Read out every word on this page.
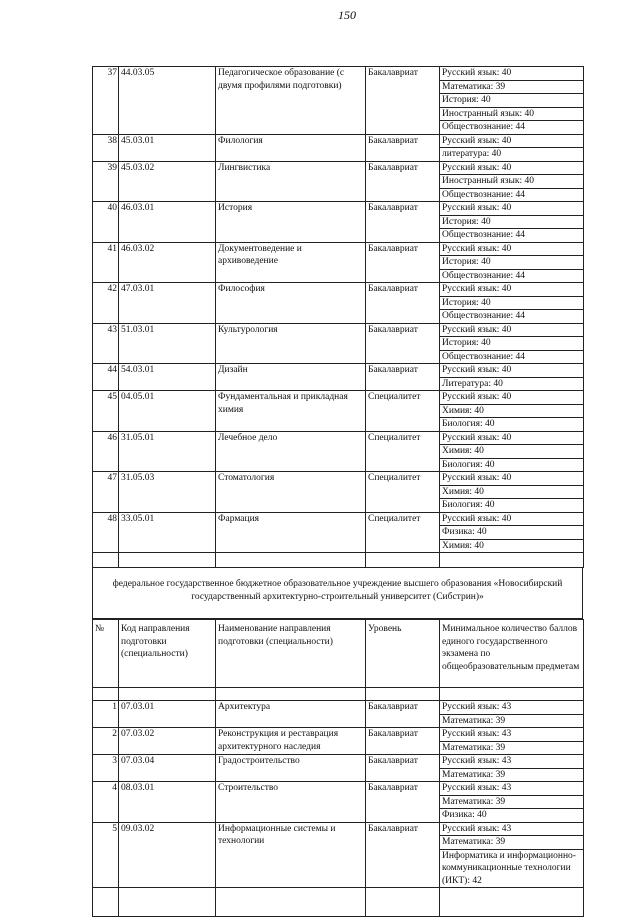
150
37	44.03.05	Педагогическое образование (с двумя профилями подготовки)	Бакалавриат	Русский язык: 40
				Математика: 39
				История: 40
				Иностранный язык: 40
				Обществознание: 44
38	45.03.01	Филология	Бакалавриат	Русский язык: 40
				литература: 40
39	45.03.02	Лингвистика	Бакалавриат	Русский язык: 40
				Иностранный язык: 40
				Обществознание: 44
40	46.03.01	История	Бакалавриат	Русский язык: 40
				История: 40
				Обществознание: 44
41	46.03.02	Документоведение и архивоведение	Бакалавриат	Русский язык: 40
				История: 40
				Обществознание: 44
42	47.03.01	Философия	Бакалавриат	Русский язык: 40
				История: 40
				Обществознание: 44
43	51.03.01	Культурология	Бакалавриат	Русский язык: 40
				История: 40
				Обществознание: 44
44	54.03.01	Дизайн	Бакалавриат	Русский язык: 40
				Литература: 40
45	04.05.01	Фундаментальная и прикладная химия	Специалитет	Русский язык: 40
				Химия: 40
				Биология: 40
46	31.05.01	Лечебное дело	Специалитет	Русский язык: 40
				Химия: 40
				Биология: 40
47	31.05.03	Стоматология	Специалитет	Русский язык: 40
				Химия: 40
				Биология: 40
48	33.05.01	Фармация	Специалитет	Русский язык: 40
				Физика: 40
				Химия: 40

федеральное государственное бюджетное образовательное учреждение высшего образования «Новосибирский государственный архитектурно-строительный университет (Сибстрин)»
№	Код направления подготовки (специальности)	Наименование направления подготовки (специальности)	Уровень	Минимальное количество баллов единого государственного экзамена по общеобразовательным предметам

1	07.03.01	Архитектура	Бакалавриат	Русский язык: 43
				Математика: 39
2	07.03.02	Реконструкция и реставрация архитектурного наследия	Бакалавриат	Русский язык: 43
				Математика: 39
3	07.03.04	Градостроительство	Бакалавриат	Русский язык: 43
				Математика: 39
4	08.03.01	Строительство	Бакалавриат	Русский язык: 43
				Математика: 39
				Физика: 40
5	09.03.02	Информационные системы и технологии	Бакалавриат	Русский язык: 43
				Математика: 39
				Информатика и информационно-коммуникационные технологии (ИКТ): 42
